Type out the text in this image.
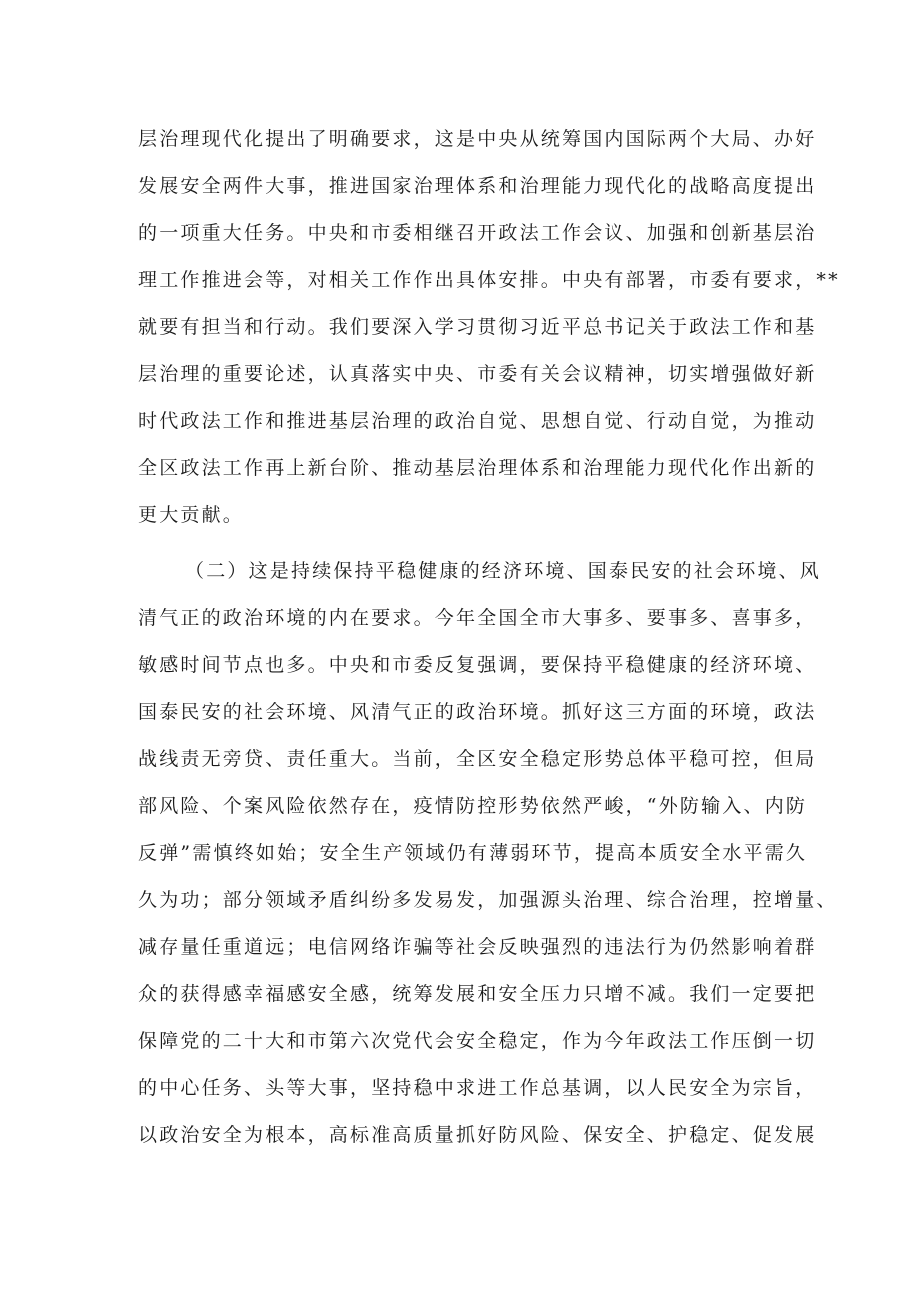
层治理现代化提出了明确要求，这是中央从统筹国内国际两个大局、办好
发展安全两件大事，推进国家治理体系和治理能力现代化的战略高度提出
的一项重大任务。中央和市委相继召开政法工作会议、加强和创新基层治
理工作推进会等，对相关工作作出具体安排。中央有部署，市委有要求，**
就要有担当和行动。我们要深入学习贯彻习近平总书记关于政法工作和基
层治理的重要论述，认真落实中央、市委有关会议精神，切实增强做好新
时代政法工作和推进基层治理的政治自觉、思想自觉、行动自觉，为推动
全区政法工作再上新台阶、推动基层治理体系和治理能力现代化作出新的
更大贡献。
（二）这是持续保持平稳健康的经济环境、国泰民安的社会环境、风
清气正的政治环境的内在要求。今年全国全市大事多、要事多、喜事多，
敏感时间节点也多。中央和市委反复强调，要保持平稳健康的经济环境、
国泰民安的社会环境、风清气正的政治环境。抓好这三方面的环境，政法
战线责无旁贷、责任重大。当前，全区安全稳定形势总体平稳可控，但局
部风险、个案风险依然存在，疫情防控形势依然严峻，“外防输入、内防
反弹”需慎终如始；安全生产领域仍有薄弱环节，提高本质安全水平需久
久为功；部分领域矛盾纠纷多发易发，加强源头治理、综合治理，控增量、
减存量任重道远；电信网络诈骗等社会反映强烈的违法行为仍然影响着群
众的获得感幸福感安全感，统筹发展和安全压力只增不减。我们一定要把
保障党的二十大和市第六次党代会安全稳定，作为今年政法工作压倒一切
的中心任务、头等大事，坚持稳中求进工作总基调，以人民安全为宗旨，
以政治安全为根本，高标准高质量抓好防风险、保安全、护稳定、促发展
